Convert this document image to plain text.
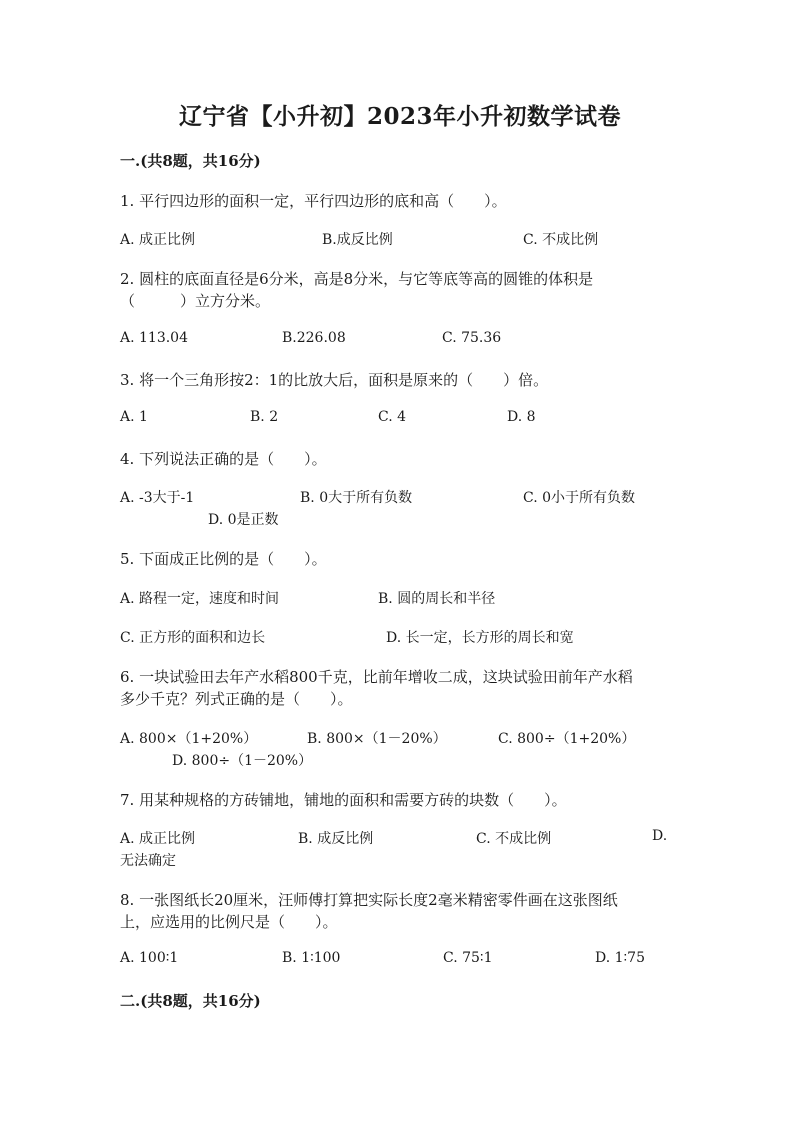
辽宁省【小升初】2023年小升初数学试卷
一.(共8题，共16分)
1. 平行四边形的面积一定，平行四边形的底和高（　　）。
A. 成正比例	B.成反比例	C. 不成比例
2. 圆柱的底面直径是6分米，高是8分米，与它等底等高的圆锥的体积是
（　　　）立方分米。
A. 113.04	B.226.08	C. 75.36
3. 将一个三角形按2：1的比放大后，面积是原来的（　　）倍。
A. 1	B. 2	C. 4	D. 8
4. 下列说法正确的是（　　）。
A. -3大于-1	B. 0大于所有负数	C. 0小于所有负数
D. 0是正数
5. 下面成正比例的是（　　）。
A. 路程一定，速度和时间	B. 圆的周长和半径
C. 正方形的面积和边长	D. 长一定，长方形的周长和宽
6. 一块试验田去年产水稻800千克，比前年增收二成，这块试验田前年产水稻
多少千克？列式正确的是（　　）。
A. 800×（1+20%）	B. 800×（1－20%）	C. 800÷（1+20%）
D. 800÷（1－20%）
7. 用某种规格的方砖铺地，铺地的面积和需要方砖的块数（　　）。
A. 成正比例	B. 成反比例	C. 不成比例	D.
无法确定
8. 一张图纸长20厘米，汪师傅打算把实际长度2毫米精密零件画在这张图纸
上，应选用的比例尺是（　　）。
A. 100∶1	B. 1∶100	C. 75∶1	D. 1∶75
二.(共8题，共16分)
